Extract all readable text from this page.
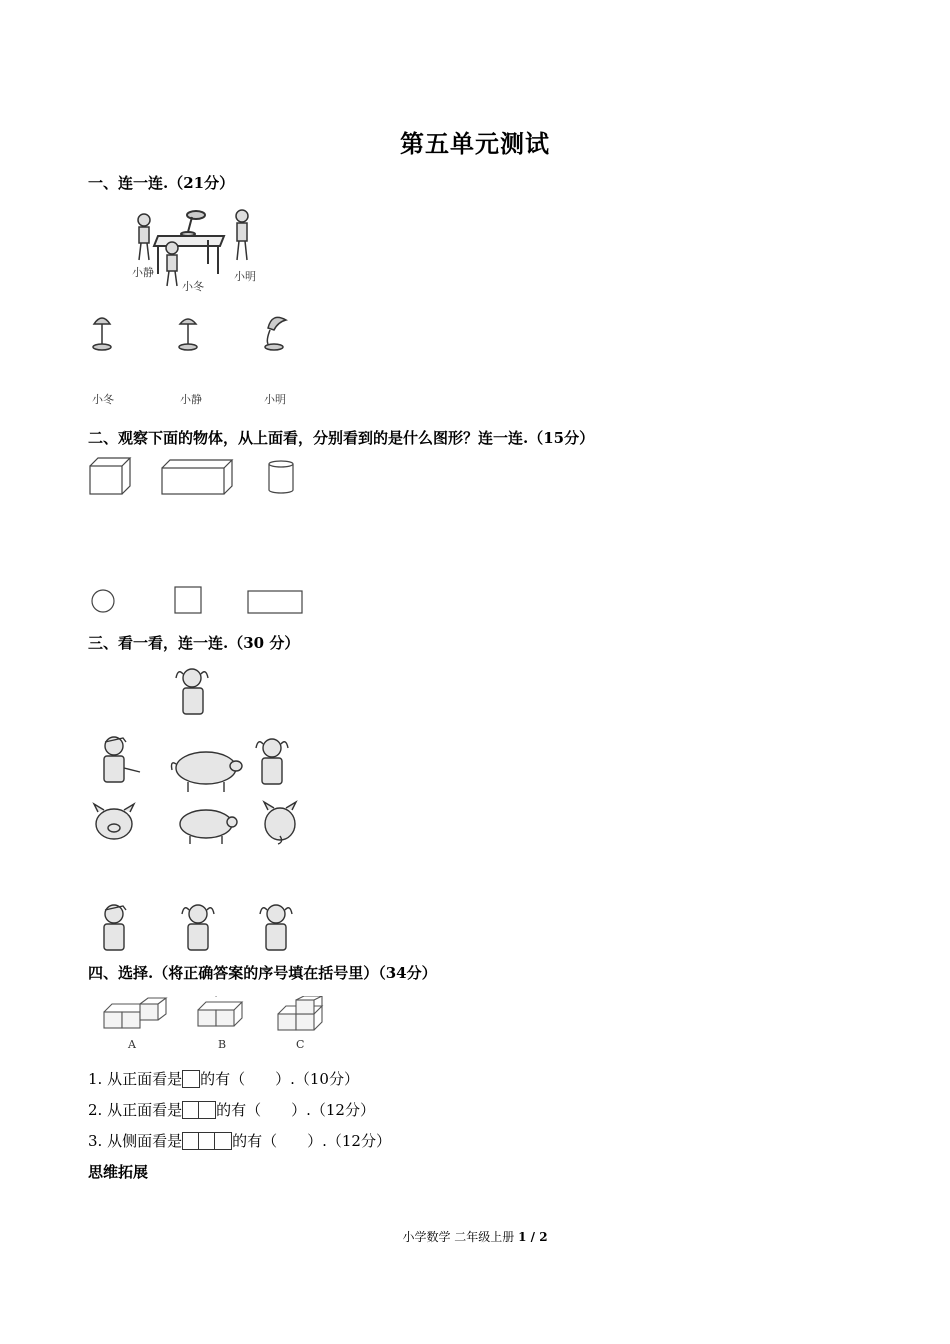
第五单元测试
一、连一连.（21分）
小静
小冬
小明
小冬	小静	小明
二、观察下面的物体，从上面看，分别看到的是什么图形？连一连.（15分）
三、看一看，连一连.（30 分）
四、选择.（将正确答案的序号填在括号里）（34分）
A	B	C
1. 从正面看是 的有（　　）.（10分）
2. 从正面看是 的有（　　）.（12分）
3. 从侧面看是	的有（　　）.（12分）
思维拓展
小学数学 二年级上册 1 / 2
